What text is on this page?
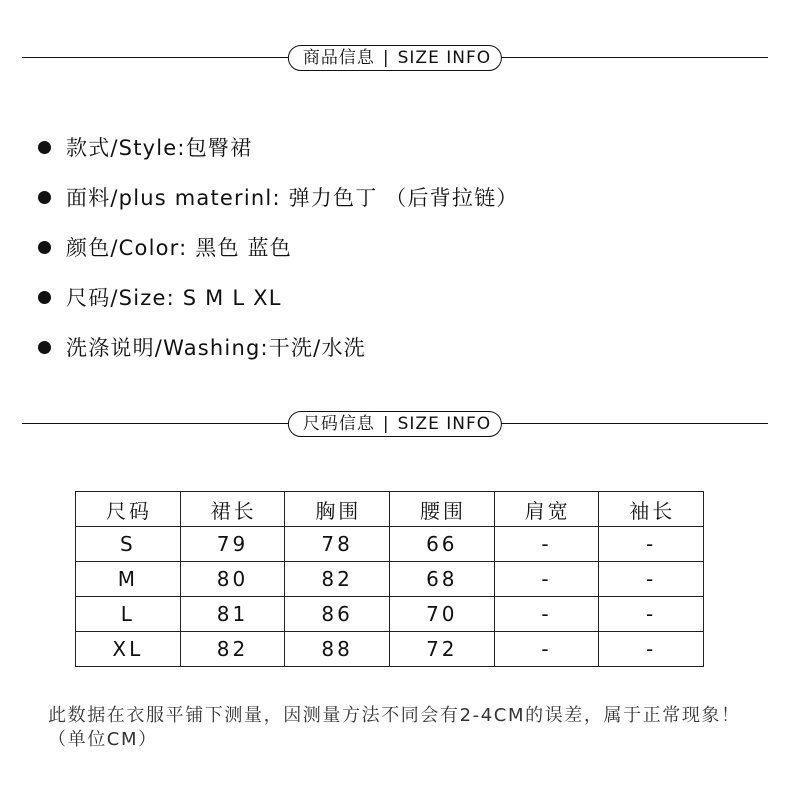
商品信息 | SIZE INFO
款式/Style:包臀裙
面料/plus materinl: 弹力色丁 （后背拉链）
颜色/Color: 黑色 蓝色
尺码/Size: S M L XL
洗涤说明/Washing:干洗/水洗
尺码信息 | SIZE INFO
尺码	裙长	胸围	腰围	肩宽	袖长
S	79	78	66	-	-
M	80	82	68	-	-
L	81	86	70	-	-
XL	82	88	72	-	-
此数据在衣服平铺下测量，因测量方法不同会有2-4CM的误差，属于正常现象！（单位CM）
